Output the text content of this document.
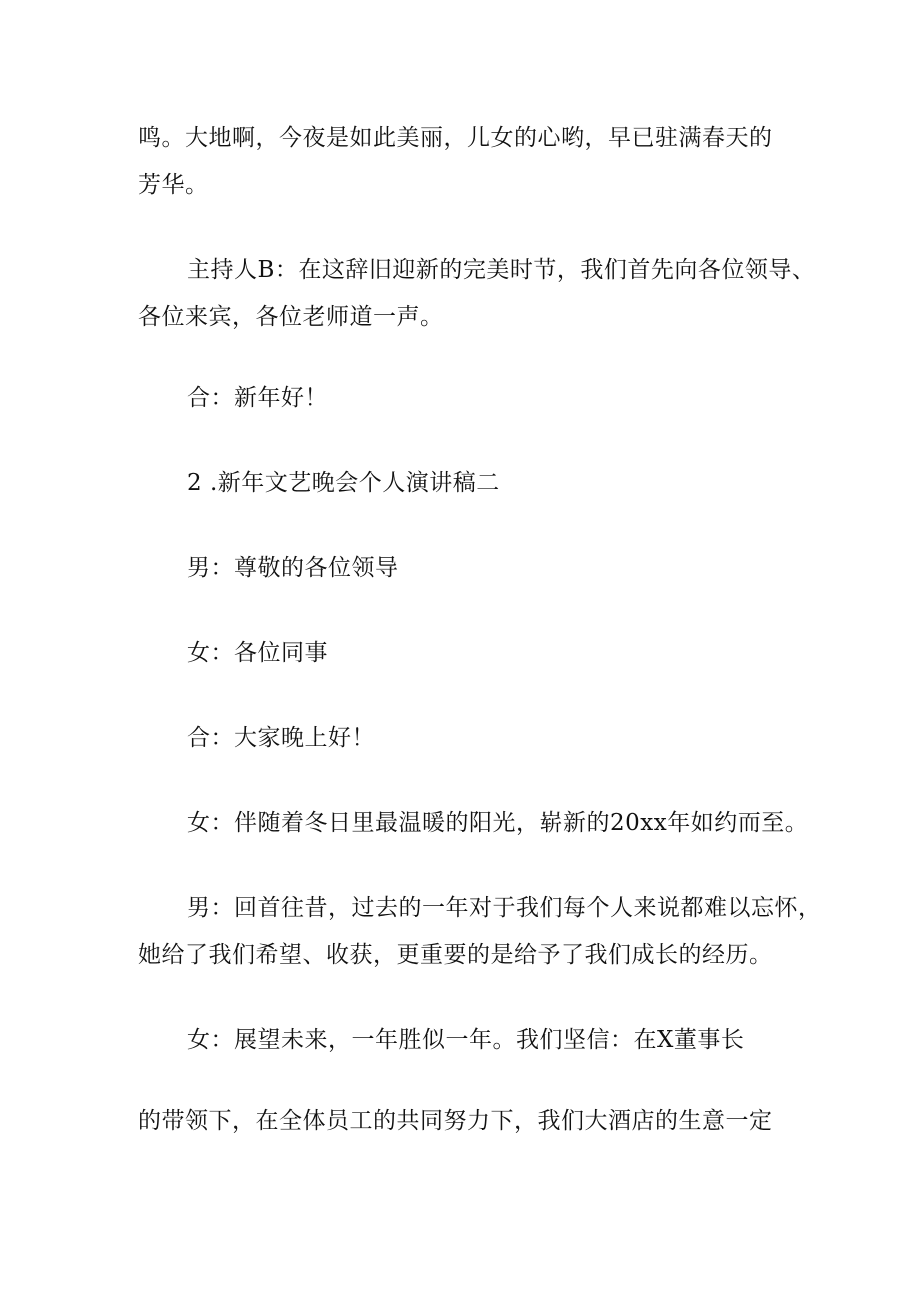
鸣。大地啊，今夜是如此美丽，儿女的心哟，早已驻满春天的
芳华。
主持人B：在这辞旧迎新的完美时节，我们首先向各位领导、
各位来宾，各位老师道一声。
合：新年好！
2 .新年文艺晚会个人演讲稿二
男：尊敬的各位领导
女：各位同事
合：大家晚上好！
女：伴随着冬日里最温暖的阳光，崭新的20xx年如约而至。
男：回首往昔，过去的一年对于我们每个人来说都难以忘怀，
她给了我们希望、收获，更重要的是给予了我们成长的经历。
女：展望未来，一年胜似一年。我们坚信：在X董事长
的带领下，在全体员工的共同努力下，我们大酒店的生意一定
